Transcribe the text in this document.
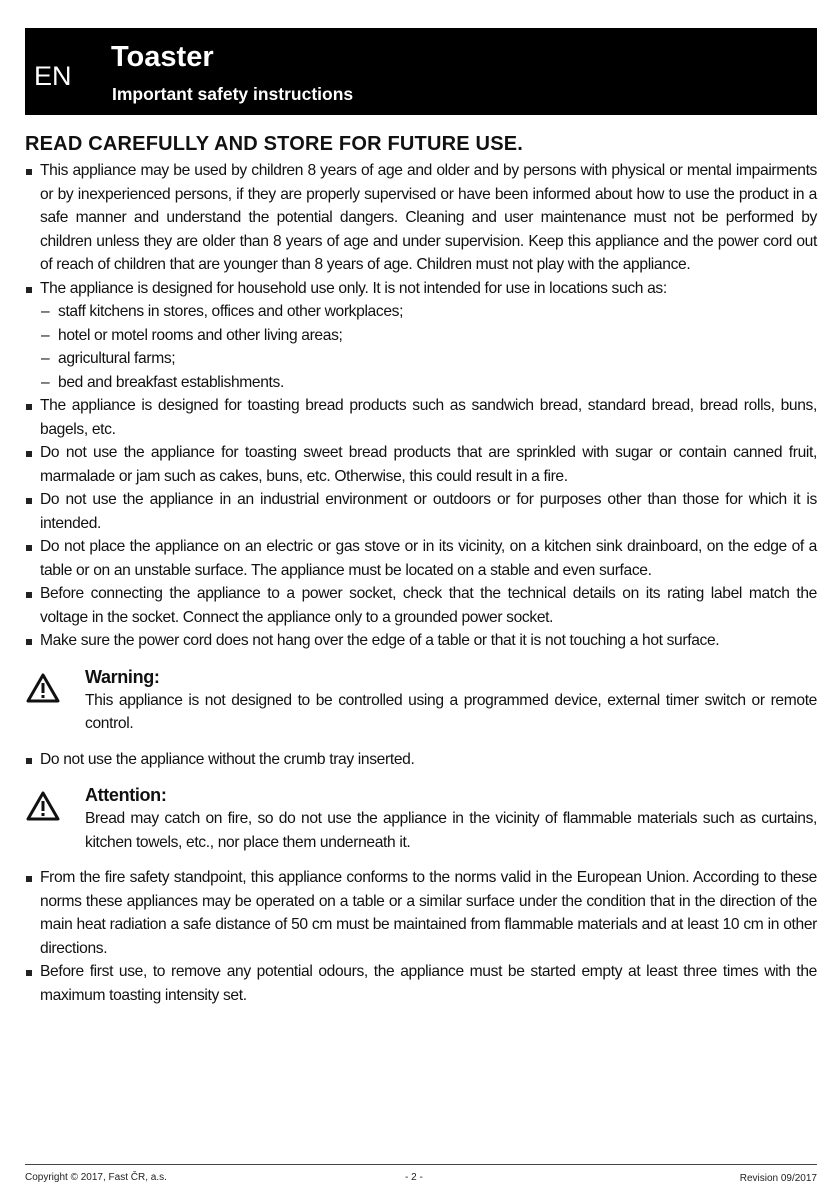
EN
Toaster
Important safety instructions
READ CAREFULLY AND STORE FOR FUTURE USE.
This appliance may be used by children 8 years of age and older and by persons with physical or mental impairments or by inexperienced persons, if they are properly supervised or have been informed about how to use the product in a safe manner and understand the potential dangers. Cleaning and user maintenance must not be performed by children unless they are older than 8 years of age and under supervision. Keep this appliance and the power cord out of reach of children that are younger than 8 years of age. Children must not play with the appliance.
The appliance is designed for household use only. It is not intended for use in locations such as:
– staff kitchens in stores, offices and other workplaces;
– hotel or motel rooms and other living areas;
– agricultural farms;
– bed and breakfast establishments.
The appliance is designed for toasting bread products such as sandwich bread, standard bread, bread rolls, buns, bagels, etc.
Do not use the appliance for toasting sweet bread products that are sprinkled with sugar or contain canned fruit, marmalade or jam such as cakes, buns, etc. Otherwise, this could result in a fire.
Do not use the appliance in an industrial environment or outdoors or for purposes other than those for which it is intended.
Do not place the appliance on an electric or gas stove or in its vicinity, on a kitchen sink drainboard, on the edge of a table or on an unstable surface. The appliance must be located on a stable and even surface.
Before connecting the appliance to a power socket, check that the technical details on its rating label match the voltage in the socket. Connect the appliance only to a grounded power socket.
Make sure the power cord does not hang over the edge of a table or that it is not touching a hot surface.
Warning:
This appliance is not designed to be controlled using a programmed device, external timer switch or remote control.
Do not use the appliance without the crumb tray inserted.
Attention:
Bread may catch on fire, so do not use the appliance in the vicinity of flammable materials such as curtains, kitchen towels, etc., nor place them underneath it.
From the fire safety standpoint, this appliance conforms to the norms valid in the European Union. According to these norms these appliances may be operated on a table or a similar surface under the condition that in the direction of the main heat radiation a safe distance of 50 cm must be maintained from flammable materials and at least 10 cm in other directions.
Before first use, to remove any potential odours, the appliance must be started empty at least three times with the maximum toasting intensity set.
Copyright © 2017, Fast ČR, a.s.	- 2 -	Revision 09/2017
